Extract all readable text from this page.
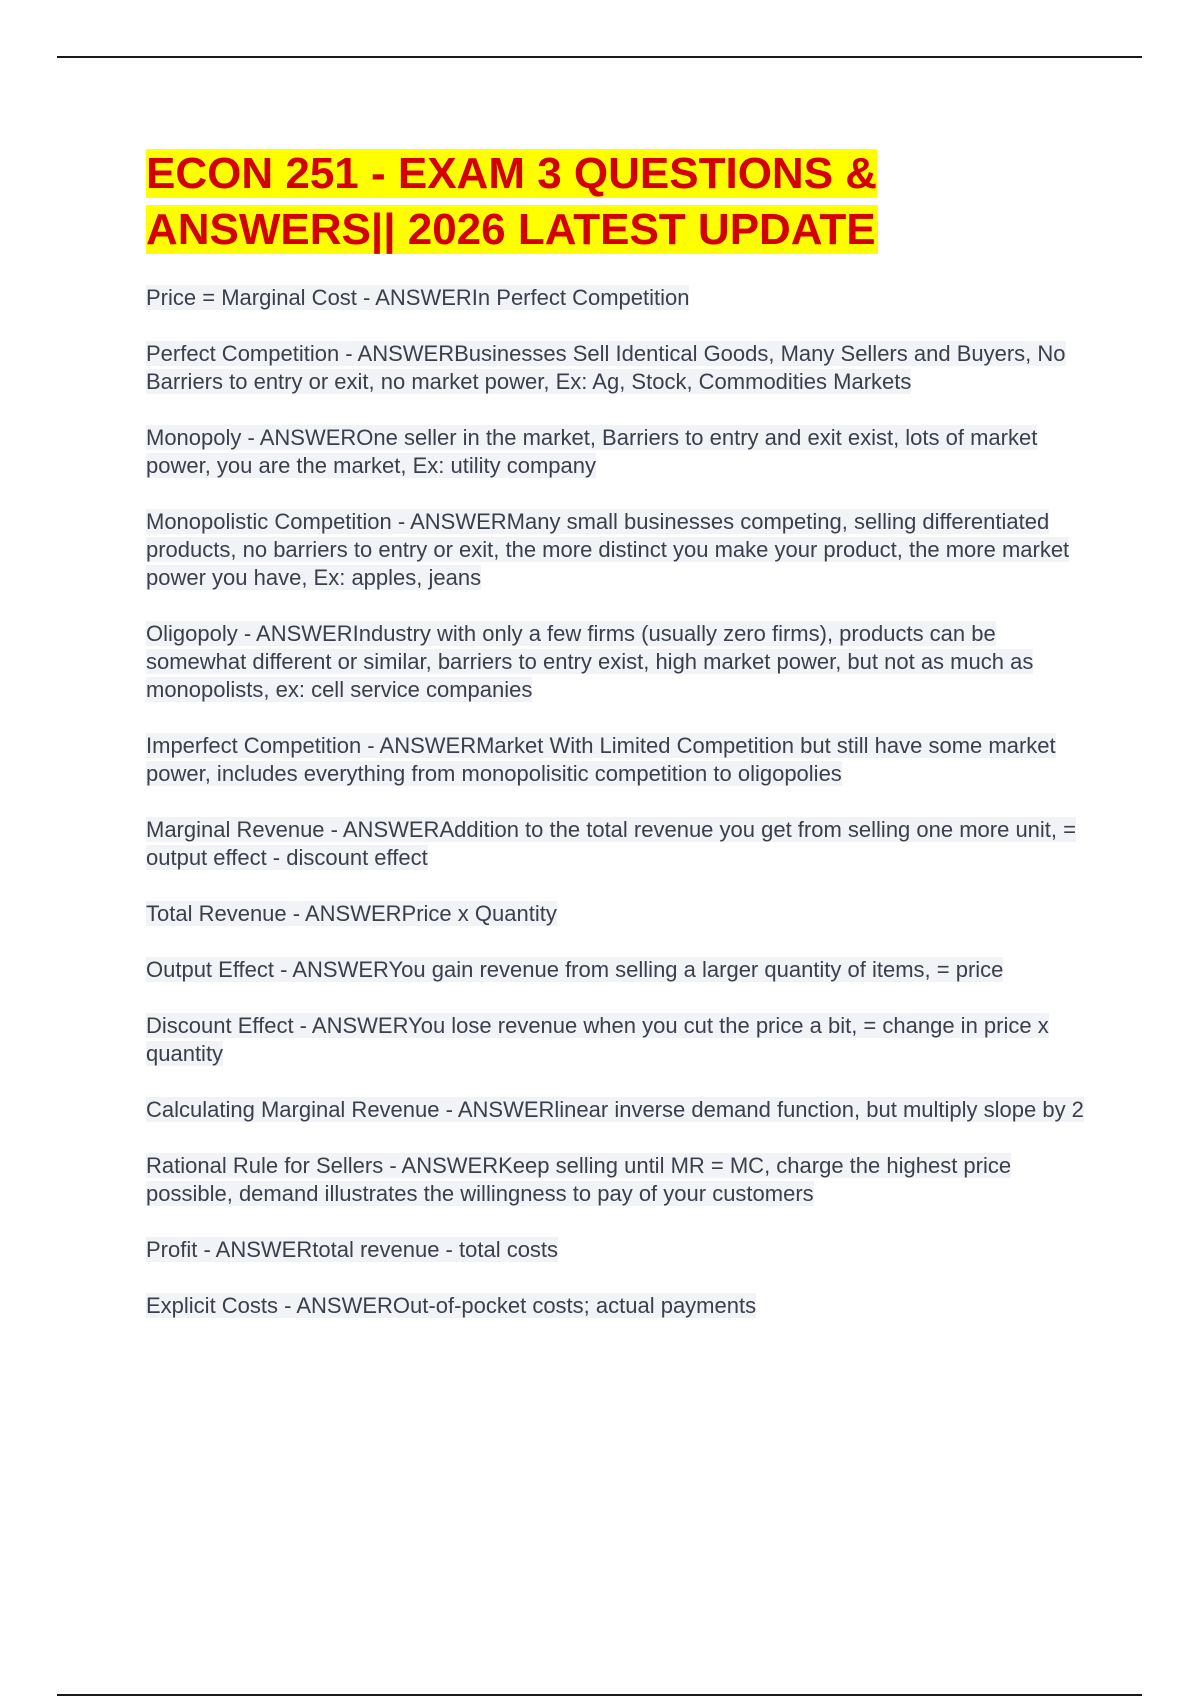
ECON 251 - EXAM 3 QUESTIONS & ANSWERS|| 2026 LATEST UPDATE
Price = Marginal Cost - ANSWERIn Perfect Competition
Perfect Competition - ANSWERBusinesses Sell Identical Goods, Many Sellers and Buyers, No Barriers to entry or exit, no market power, Ex: Ag, Stock, Commodities Markets
Monopoly - ANSWEROne seller in the market, Barriers to entry and exit exist, lots of market power, you are the market, Ex: utility company
Monopolistic Competition - ANSWERMany small businesses competing, selling differentiated products, no barriers to entry or exit, the more distinct you make your product, the more market power you have, Ex: apples, jeans
Oligopoly - ANSWERIndustry with only a few firms (usually zero firms), products can be somewhat different or similar, barriers to entry exist, high market power, but not as much as monopolists, ex: cell service companies
Imperfect Competition - ANSWERMarket With Limited Competition but still have some market power, includes everything from monopolisitic competition to oligopolies
Marginal Revenue - ANSWERAddition to the total revenue you get from selling one more unit, = output effect - discount effect
Total Revenue - ANSWERPrice x Quantity
Output Effect - ANSWERYou gain revenue from selling a larger quantity of items, = price
Discount Effect - ANSWERYou lose revenue when you cut the price a bit, = change in price x quantity
Calculating Marginal Revenue - ANSWERlinear inverse demand function, but multiply slope by 2
Rational Rule for Sellers - ANSWERKeep selling until MR = MC, charge the highest price possible, demand illustrates the willingness to pay of your customers
Profit - ANSWERtotal revenue - total costs
Explicit Costs - ANSWEROut-of-pocket costs; actual payments
